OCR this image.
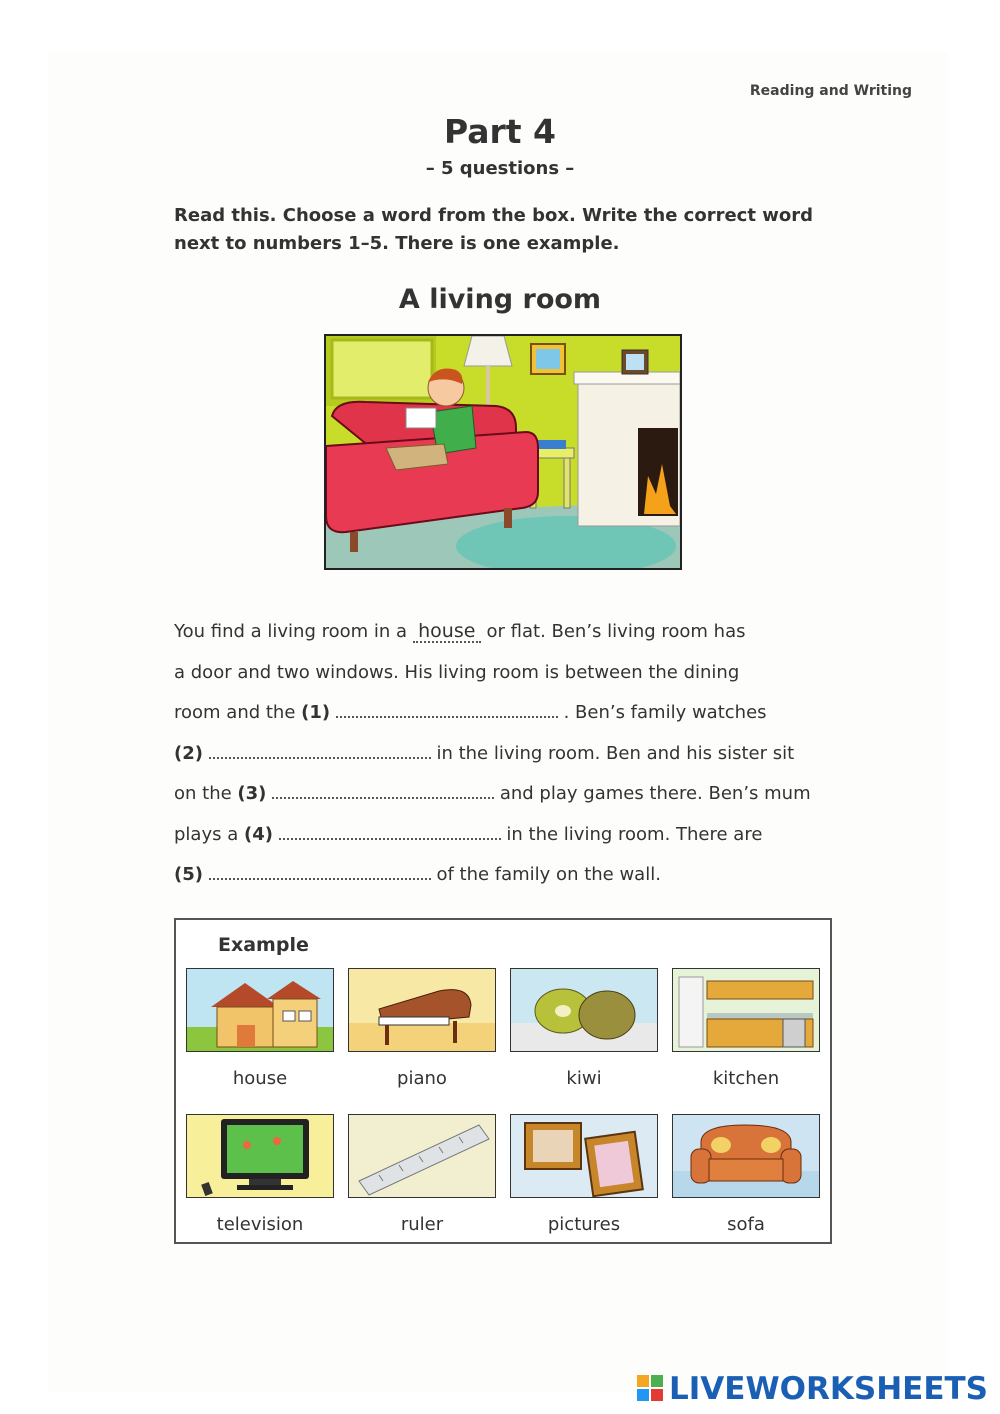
Reading and Writing
Part 4
– 5 questions –
Read this. Choose a word from the box. Write the correct word next to numbers 1–5. There is one example.
A living room
You find a living room in a house or flat. Ben’s living room has
a door and two windows. His living room is between the dining
room and the (1)	. Ben’s family watches
(2)	in the living room. Ben and his sister sit
on the (3)	and play games there. Ben’s mum
plays a (4)	in the living room. There are
(5)	of the family on the wall.
Example
house	piano	kiwi	kitchen
television	ruler	pictures	sofa
LIVEWORKSHEETS
